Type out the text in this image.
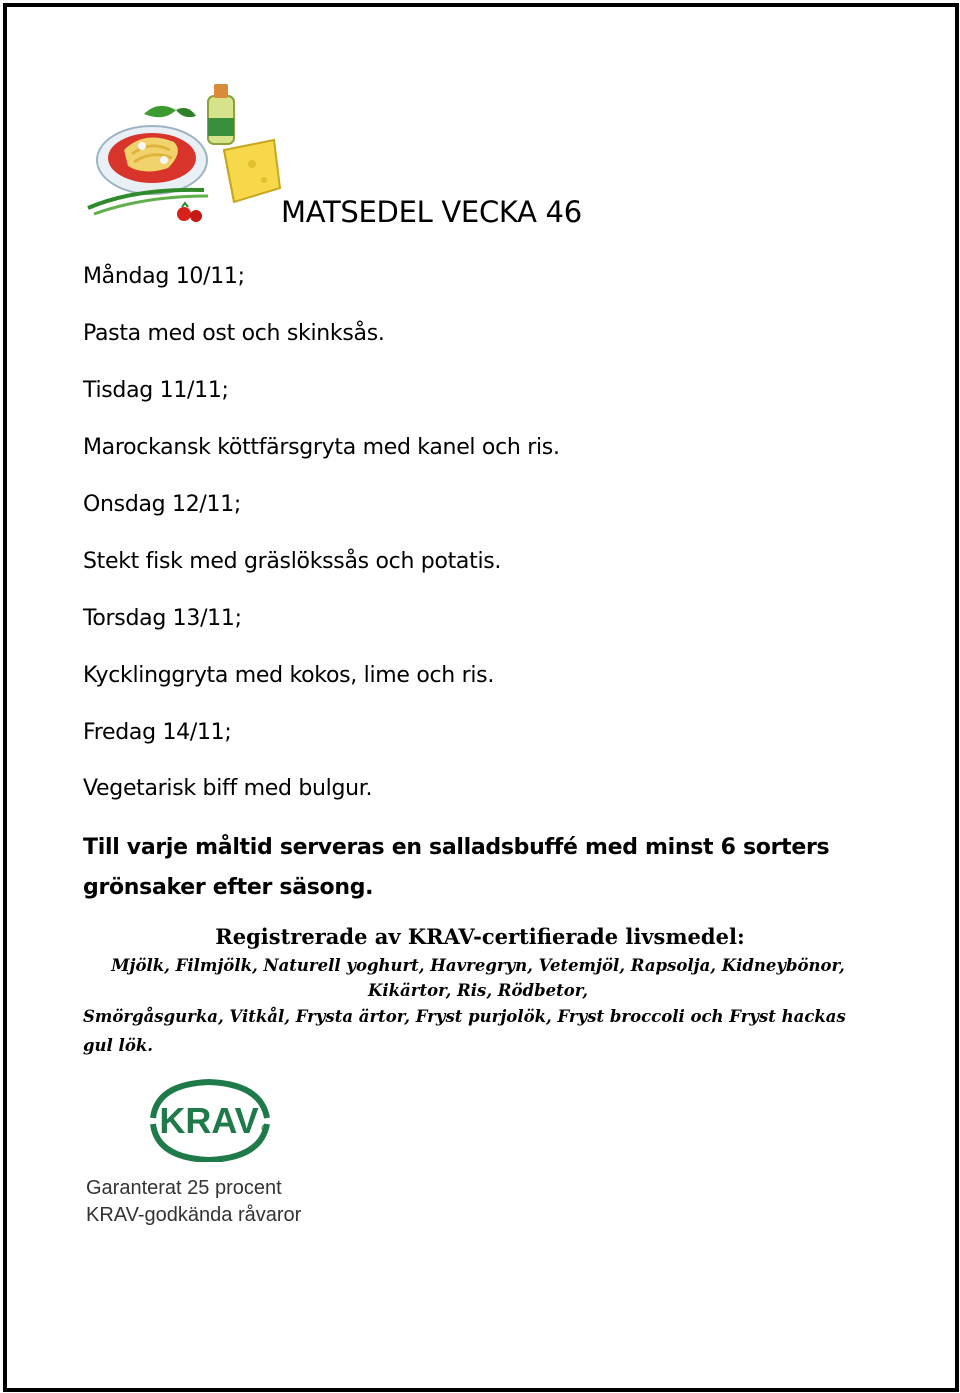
MATSEDEL VECKA 46
Måndag 10/11;
Pasta med ost och skinksås.
Tisdag 11/11;
Marockansk köttfärsgryta med kanel och ris.
Onsdag 12/11;
Stekt fisk med gräslökssås och potatis.
Torsdag 13/11;
Kycklinggryta med kokos, lime och ris.
Fredag 14/11;
Vegetarisk biff med bulgur.
Till varje måltid serveras en salladsbuffé med minst 6 sorters grönsaker efter säsong.
Registrerade av KRAV-certifierade livsmedel:
Mjölk, Filmjölk, Naturell yoghurt, Havregryn, Vetemjöl, Rapsolja, Kidneybönor,
Kikärtor, Ris, Rödbetor,
Smörgåsgurka, Vitkål, Frysta ärtor, Fryst purjolök, Fryst broccoli och Fryst hackas gul lök.
KRAV
Garanterat 25 procent
KRAV-godkända råvaror
